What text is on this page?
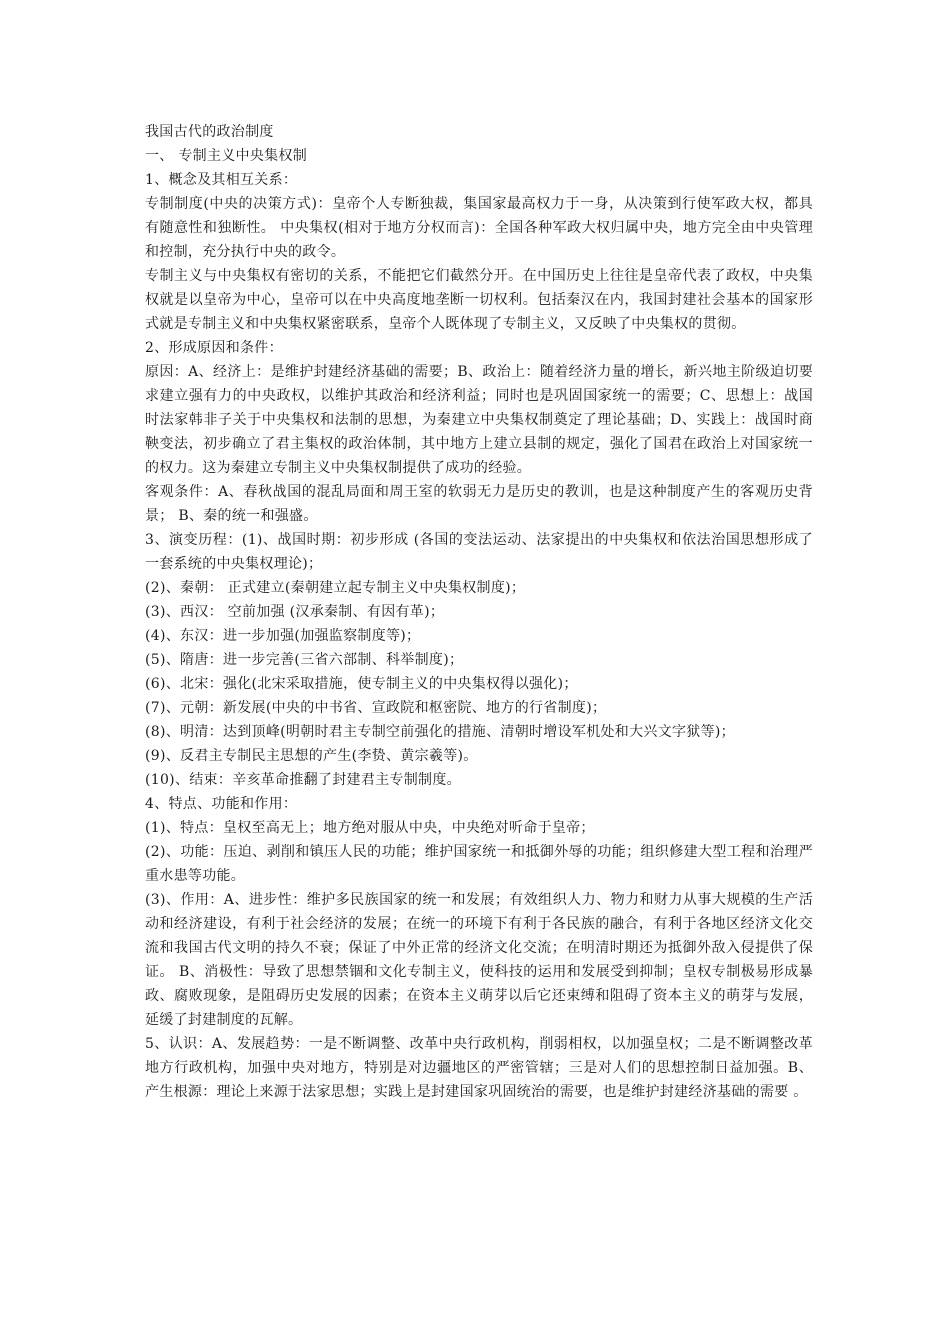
我国古代的政治制度

一、 专制主义中央集权制

1、概念及其相互关系：

专制制度(中央的决策方式)：皇帝个人专断独裁，集国家最高权力于一身，从决策到行使军政大权，都具有随意性和独断性。 中央集权(相对于地方分权而言)：全国各种军政大权归属中央，地方完全由中央管理和控制，充分执行中央的政令。

专制主义与中央集权有密切的关系，不能把它们截然分开。在中国历史上往往是皇帝代表了政权，中央集权就是以皇帝为中心，皇帝可以在中央高度地垄断一切权利。包括秦汉在内，我国封建社会基本的国家形式就是专制主义和中央集权紧密联系，皇帝个人既体现了专制主义，又反映了中央集权的贯彻。

2、形成原因和条件：

原因：A、经济上：是维护封建经济基础的需要；B、政治上：随着经济力量的增长，新兴地主阶级迫切要求建立强有力的中央政权，以维护其政治和经济利益；同时也是巩固国家统一的需要；C、思想上：战国时法家韩非子关于中央集权和法制的思想，为秦建立中央集权制奠定了理论基础；D、实践上：战国时商鞅变法，初步确立了君主集权的政治体制，其中地方上建立县制的规定，强化了国君在政治上对国家统一的权力。这为秦建立专制主义中央集权制提供了成功的经验。

客观条件：A、春秋战国的混乱局面和周王室的软弱无力是历史的教训，也是这种制度产生的客观历史背景； B、秦的统一和强盛。

3、演变历程：(1)、战国时期：初步形成 (各国的变法运动、法家提出的中央集权和依法治国思想形成了一套系统的中央集权理论)；

(2)、秦朝： 正式建立(秦朝建立起专制主义中央集权制度)；

(3)、西汉： 空前加强 (汉承秦制、有因有革)；

(4)、东汉：进一步加强(加强监察制度等)；

(5)、隋唐：进一步完善(三省六部制、科举制度)；

(6)、北宋：强化(北宋采取措施，使专制主义的中央集权得以强化)；

(7)、元朝：新发展(中央的中书省、宣政院和枢密院、地方的行省制度)；

(8)、明清：达到顶峰(明朝时君主专制空前强化的措施、清朝时增设军机处和大兴文字狱等)；

(9)、反君主专制民主思想的产生(李贽、黄宗羲等)。

(10)、结束：辛亥革命推翻了封建君主专制制度。

4、特点、功能和作用：

(1)、特点：皇权至高无上；地方绝对服从中央，中央绝对听命于皇帝；

(2)、功能：压迫、剥削和镇压人民的功能；维护国家统一和抵御外辱的功能；组织修建大型工程和治理严重水患等功能。

(3)、作用：A、进步性：维护多民族国家的统一和发展；有效组织人力、物力和财力从事大规模的生产活动和经济建设，有利于社会经济的发展；在统一的环境下有利于各民族的融合，有利于各地区经济文化交流和我国古代文明的持久不衰；保证了中外正常的经济文化交流；在明清时期还为抵御外敌入侵提供了保证。 B、消极性：导致了思想禁锢和文化专制主义，使科技的运用和发展受到抑制；皇权专制极易形成暴政、腐败现象，是阻碍历史发展的因素；在资本主义萌芽以后它还束缚和阻碍了资本主义的萌芽与发展， 延缓了封建制度的瓦解。

5、认识：A、发展趋势：一是不断调整、改革中央行政机构，削弱相权，以加强皇权；二是不断调整改革地方行政机构，加强中央对地方，特别是对边疆地区的严密管辖；三是对人们的思想控制日益加强。B、产生根源：理论上来源于法家思想；实践上是封建国家巩固统治的需要，也是维护封建经济基础的需要 。
